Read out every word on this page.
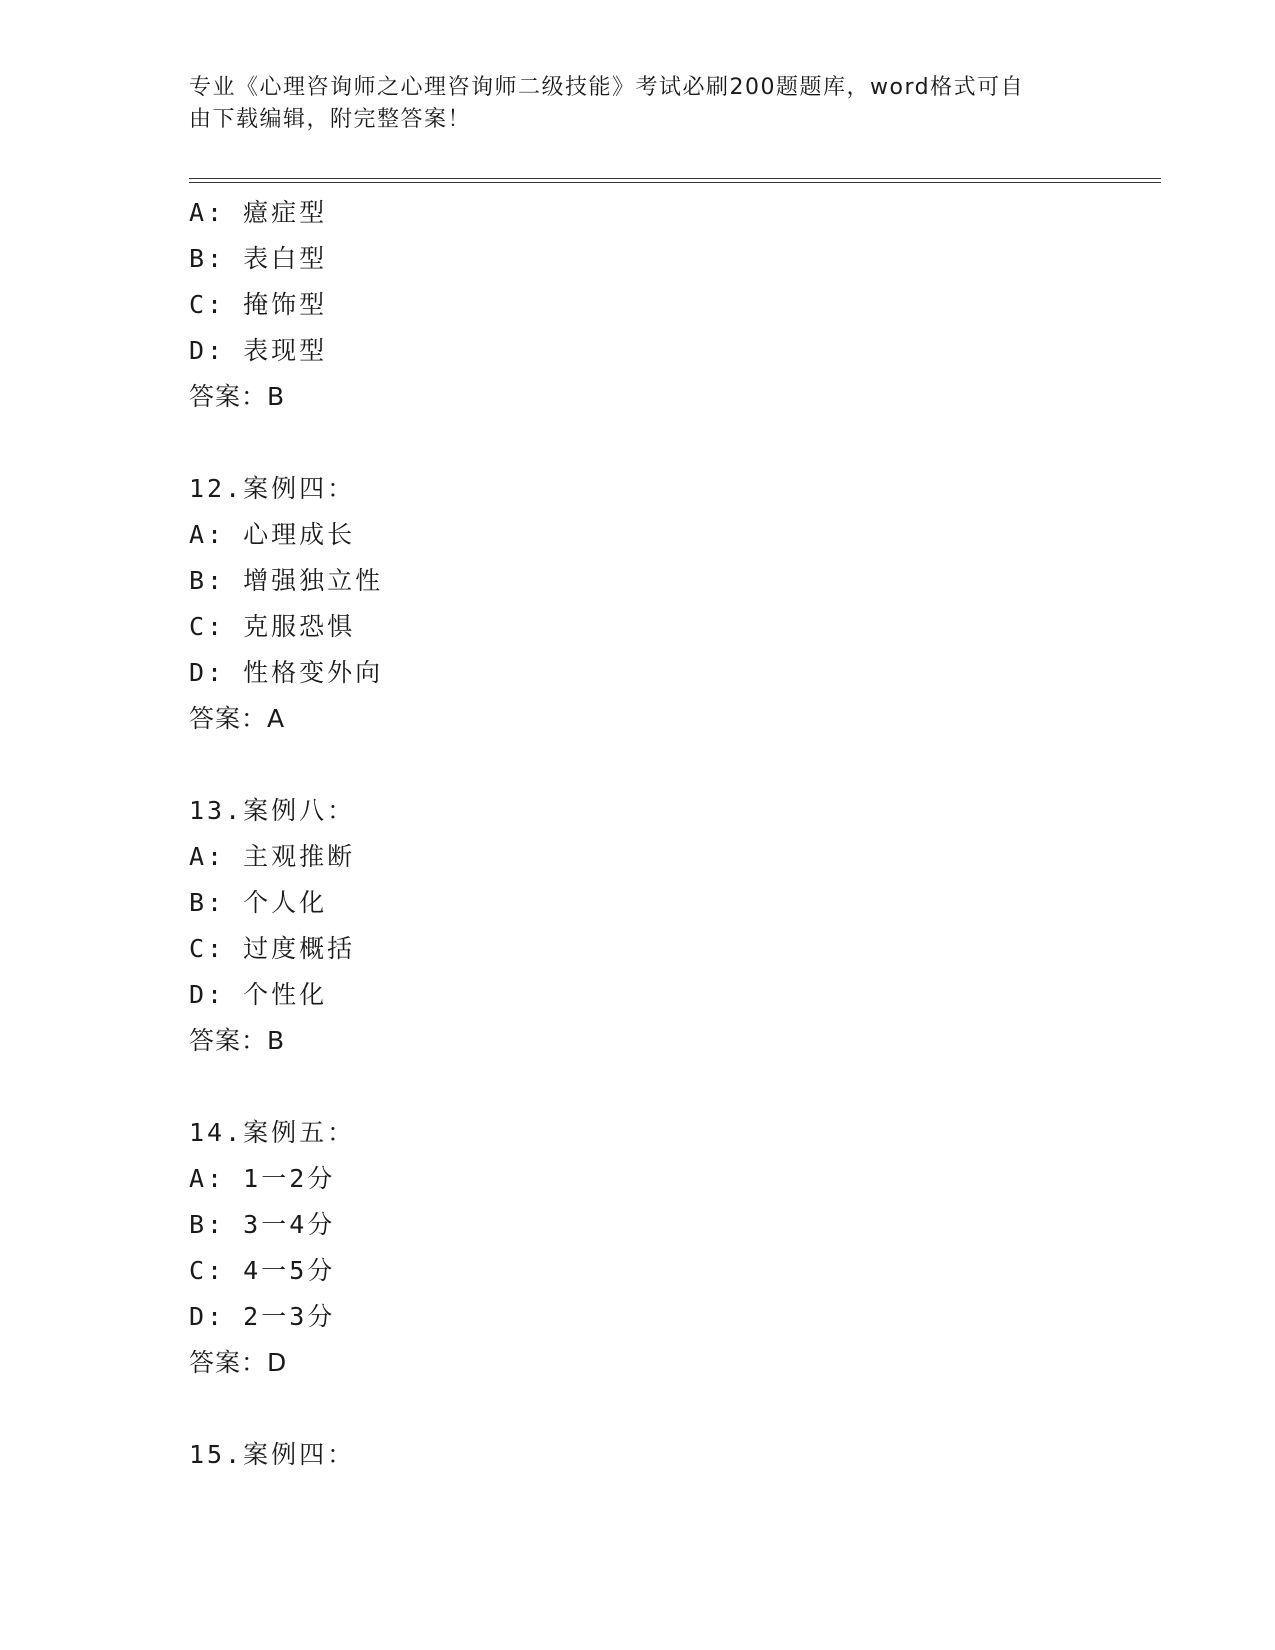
专业《心理咨询师之心理咨询师二级技能》考试必刷200题题库，word格式可自
由下载编辑，附完整答案！
A: 癔症型
B: 表白型
C: 掩饰型
D: 表现型
答案：B
12.案例四：
A: 心理成长
B: 增强独立性
C: 克服恐惧
D: 性格变外向
答案：A
13.案例八：
A: 主观推断
B: 个人化
C: 过度概括
D: 个性化
答案：B
14.案例五：
A: 1一2分
B: 3一4分
C: 4一5分
D: 2一3分
答案：D
15.案例四：
